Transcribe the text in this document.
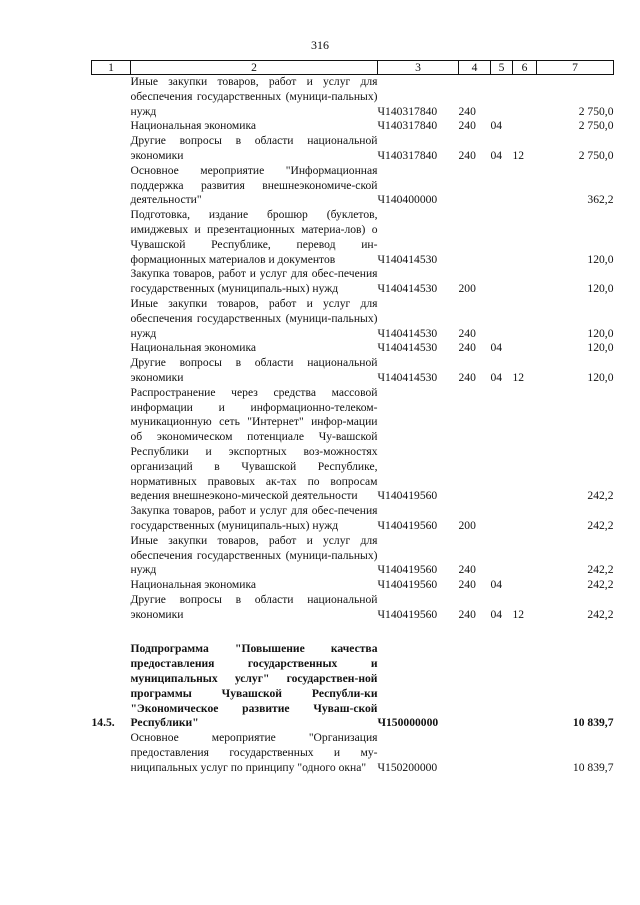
316
1	2	3	4	5	6	7
	Иные закупки товаров, работ и услуг для обеспечения государственных (муници-пальных) нужд	Ч140317840	240			2 750,0
	Национальная экономика	Ч140317840	240	04		2 750,0
	Другие вопросы в области национальной экономики	Ч140317840	240	04	12	2 750,0
	Основное мероприятие "Информационная поддержка развития внешнеэкономиче-ской деятельности"	Ч140400000				362,2
	Подготовка, издание брошюр (буклетов, имиджевых и презентационных материа-лов) о Чувашской Республике, перевод ин-формационных материалов и документов	Ч140414530				120,0
	Закупка товаров, работ и услуг для обес-печения государственных (муниципаль-ных) нужд	Ч140414530	200			120,0
	Иные закупки товаров, работ и услуг для обеспечения государственных (муници-пальных) нужд	Ч140414530	240			120,0
	Национальная экономика	Ч140414530	240	04		120,0
	Другие вопросы в области национальной экономики	Ч140414530	240	04	12	120,0
	Распространение через средства массовой информации и информационно-телеком-муникационную сеть "Интернет" инфор-мации об экономическом потенциале Чу-вашской Республики и экспортных воз-можностях организаций в Чувашской Республике, нормативных правовых ак-тах по вопросам ведения внешнеэконо-мической деятельности	Ч140419560				242,2
	Закупка товаров, работ и услуг для обес-печения государственных (муниципаль-ных) нужд	Ч140419560	200			242,2
	Иные закупки товаров, работ и услуг для обеспечения государственных (муници-пальных) нужд	Ч140419560	240			242,2
	Национальная экономика	Ч140419560	240	04		242,2
	Другие вопросы в области национальной экономики	Ч140419560	240	04	12	242,2

14.5.	Подпрограмма "Повышение качества предоставления государственных и муниципальных услуг" государствен-ной программы Чувашской Республи-ки "Экономическое развитие Чуваш-ской Республики"	Ч150000000				10 839,7
	Основное мероприятие "Организация предоставления государственных и му-ниципальных услуг по принципу "одного окна"	Ч150200000				10 839,7
